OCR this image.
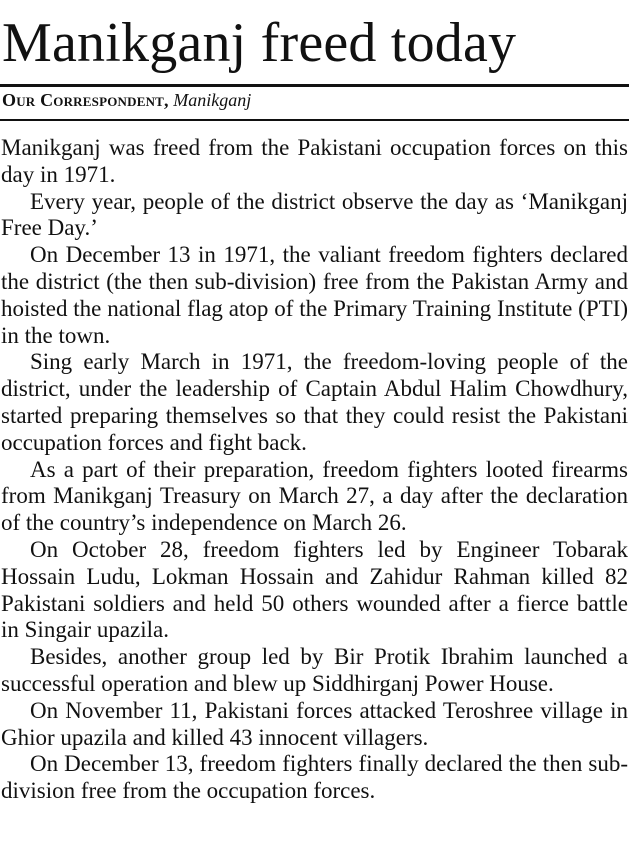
Manikganj freed today
Our Correspondent, Manikganj

Manikganj was freed from the Pakistani occupation forces on this day in 1971.

Every year, people of the district observe the day as ‘Manikganj Free Day.’

On December 13 in 1971, the valiant freedom fighters declared the district (the then sub-division) free from the Pakistan Army and hoisted the national flag atop of the Primary Training Institute (PTI) in the town.

Sing early March in 1971, the freedom-loving people of the district, under the leadership of Captain Abdul Halim Chowdhury, started preparing themselves so that they could resist the Pakistani occupation forces and fight back.

As a part of their preparation, freedom fighters looted firearms from Manikganj Treasury on March 27, a day after the declaration of the country’s independence on March 26.

On October 28, freedom fighters led by Engineer Tobarak Hossain Ludu, Lokman Hossain and Zahidur Rahman killed 82 Pakistani soldiers and held 50 others wounded after a fierce battle in Singair upazila.

Besides, another group led by Bir Protik Ibrahim launched a successful operation and blew up Siddhirganj Power House.

On November 11, Pakistani forces attacked Teroshree village in Ghior upazila and killed 43 innocent villagers.

On December 13, freedom fighters finally declared the then sub-division free from the occupation forces.
